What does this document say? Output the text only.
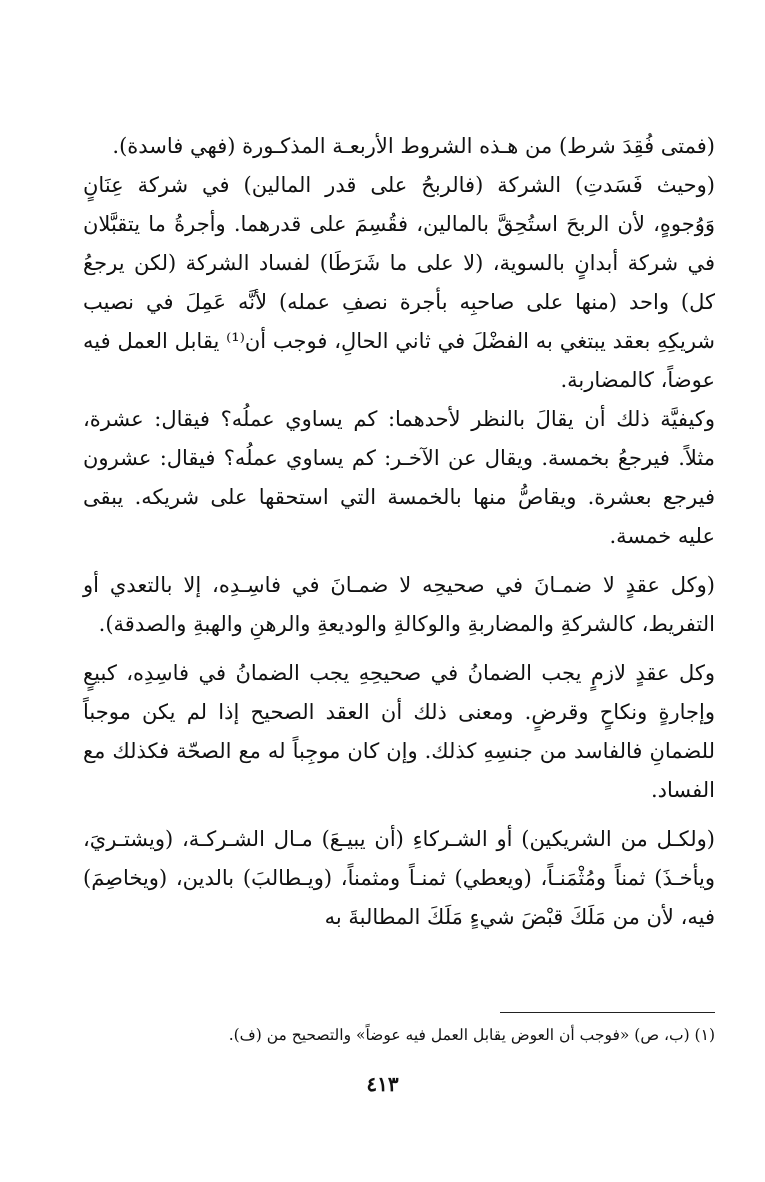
(فمتى فُقِدَ شرط) من هـذه الشروط الأربعـة المذكـورة (فهي فاسدة).

(وحيث فَسَدتِ) الشركة (فالربحُ على قدر المالين) في شركة عِنَانٍ وَوُجوهٍ، لأن الربحَ استُحِقَّ بالمالين، فقُسِمَ على قدرهما. وأجرةُ ما يتقبَّلان في شركة أبدانٍ بالسوية، (لا على ما شَرَطَا) لفساد الشركة (لكن يرجعُ كل) واحد (منها على صاحبِه بأجرة نصفِ عمله) لأنَّه عَمِلَ في نصيب شريكِهِ بعقد يبتغي به الفضْلَ في ثاني الحالِ، فوجب أن⁽¹⁾ يقابل العمل فيه عوضاً، كالمضاربة.

وكيفيَّة ذلك أن يقالَ بالنظر لأحدهما: كم يساوي عملُه؟ فيقال: عشرة، مثلاً. فيرجعُ بخمسة. ويقال عن الآخـر: كم يساوي عملُه؟ فيقال: عشرون فيرجع بعشرة. ويقاصُّ منها بالخمسة التي استحقها على شريكه. يبقى عليه خمسة.

(وكل عقدٍ لا ضمـانَ في صحيحِه لا ضمـانَ في فاسِـدِه، إلا بالتعدي أو التفريط، كالشركةِ والمضاربةِ والوكالةِ والوديعةِ والرهنِ والهبةِ والصدقة).

وكل عقدٍ لازمٍ يجب الضمانُ في صحيحِهِ يجب الضمانُ في فاسِدِه، كبيعٍ وإجارةٍ ونكاحٍ وقرضٍ. ومعنى ذلك أن العقد الصحيح إذا لم يكن موجباً للضمانِ فالفاسد من جنسِهِ كذلك. وإن كان موجِباً له مع الصحّة فكذلك مع الفساد.

(ولكـل من الشريكين) أو الشـركاءِ (أن يبيـعَ) مـال الشـركـة، (ويشتـريَ، ويأخـذَ) ثمناً ومُثْمَنـاً، (ويعطي) ثمنـاً ومثمناً، (ويـطالبَ) بالدين، (ويخاصِمَ) فيه، لأن من مَلَكَ قبْضَ شيءٍ مَلَكَ المطالبةَ به

(١) (ب، ص) «فوجب أن العوض يقابل العمل فيه عوضاً» والتصحيح من (ف).

٤١٣
